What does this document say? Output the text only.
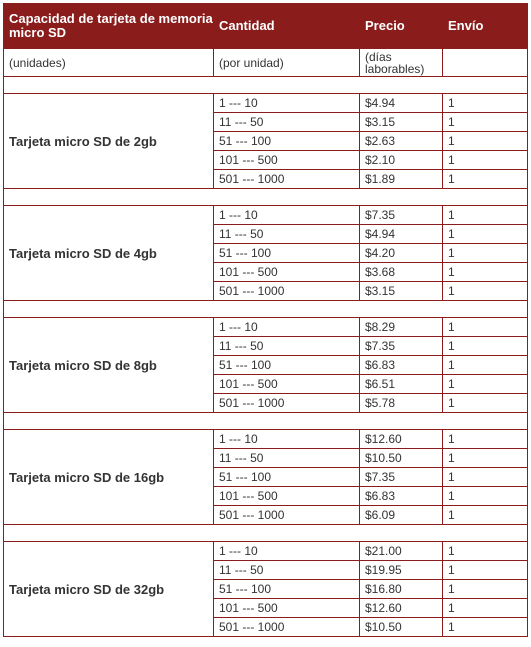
Capacidad de tarjeta de memoria micro SD	Cantidad	Precio	Envío
(unidades)	(por unidad)	(días laborables)	

Tarjeta micro SD de 2gb	1 --- 10	$4.94	1
	11 --- 50	$3.15	1
	51 --- 100	$2.63	1
	101 --- 500	$2.10	1
	501 --- 1000	$1.89	1

Tarjeta micro SD de 4gb	1 --- 10	$7.35	1
	11 --- 50	$4.94	1
	51 --- 100	$4.20	1
	101 --- 500	$3.68	1
	501 --- 1000	$3.15	1

Tarjeta micro SD de 8gb	1 --- 10	$8.29	1
	11 --- 50	$7.35	1
	51 --- 100	$6.83	1
	101 --- 500	$6.51	1
	501 --- 1000	$5.78	1

Tarjeta micro SD de 16gb	1 --- 10	$12.60	1
	11 --- 50	$10.50	1
	51 --- 100	$7.35	1
	101 --- 500	$6.83	1
	501 --- 1000	$6.09	1

Tarjeta micro SD de 32gb	1 --- 10	$21.00	1
	11 --- 50	$19.95	1
	51 --- 100	$16.80	1
	101 --- 500	$12.60	1
	501 --- 1000	$10.50	1
